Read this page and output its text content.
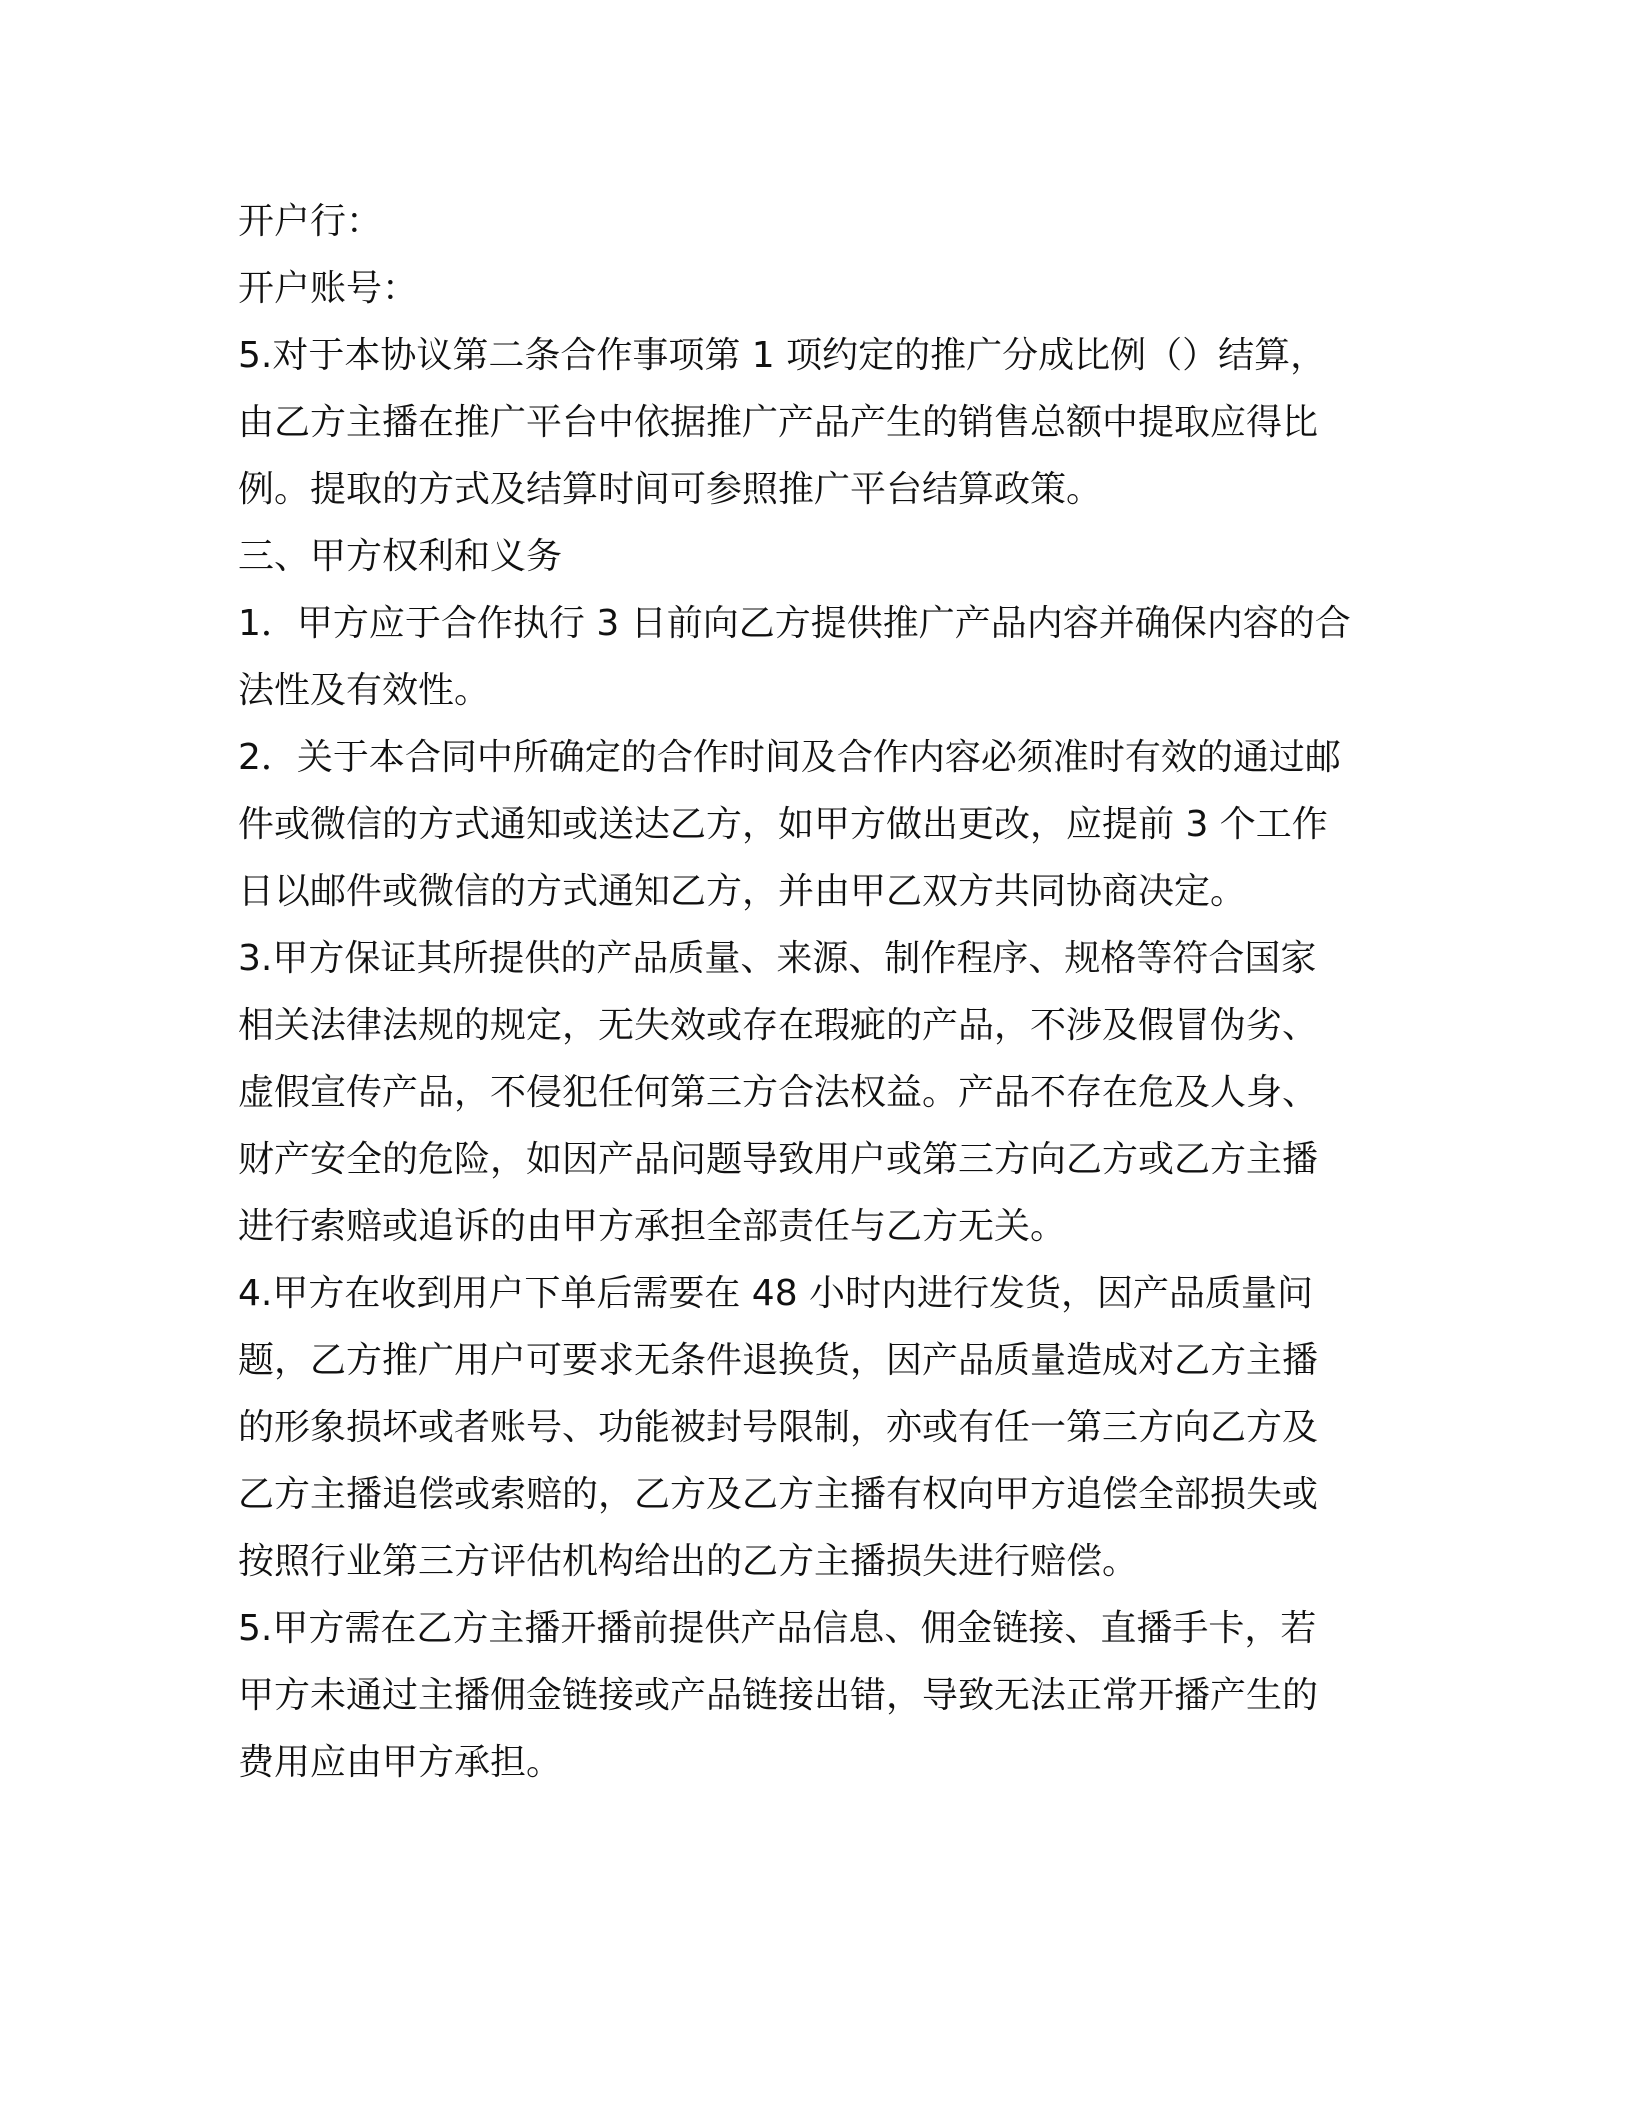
开户行：
开户账号：
5.对于本协议第二条合作事项第 1 项约定的推广分成比例（）结算，
由乙方主播在推广平台中依据推广产品产生的销售总额中提取应得比
例。提取的方式及结算时间可参照推广平台结算政策。
三、甲方权利和义务
1．甲方应于合作执行 3 日前向乙方提供推广产品内容并确保内容的合
法性及有效性。
2．关于本合同中所确定的合作时间及合作内容必须准时有效的通过邮
件或微信的方式通知或送达乙方，如甲方做出更改，应提前 3 个工作
日以邮件或微信的方式通知乙方，并由甲乙双方共同协商决定。
3.甲方保证其所提供的产品质量、来源、制作程序、规格等符合国家
相关法律法规的规定，无失效或存在瑕疵的产品，不涉及假冒伪劣、
虚假宣传产品，不侵犯任何第三方合法权益。产品不存在危及人身、
财产安全的危险，如因产品问题导致用户或第三方向乙方或乙方主播
进行索赔或追诉的由甲方承担全部责任与乙方无关。
4.甲方在收到用户下单后需要在 48 小时内进行发货，因产品质量问
题，乙方推广用户可要求无条件退换货，因产品质量造成对乙方主播
的形象损坏或者账号、功能被封号限制，亦或有任一第三方向乙方及
乙方主播追偿或索赔的，乙方及乙方主播有权向甲方追偿全部损失或
按照行业第三方评估机构给出的乙方主播损失进行赔偿。
5.甲方需在乙方主播开播前提供产品信息、佣金链接、直播手卡，若
甲方未通过主播佣金链接或产品链接出错，导致无法正常开播产生的
费用应由甲方承担。
